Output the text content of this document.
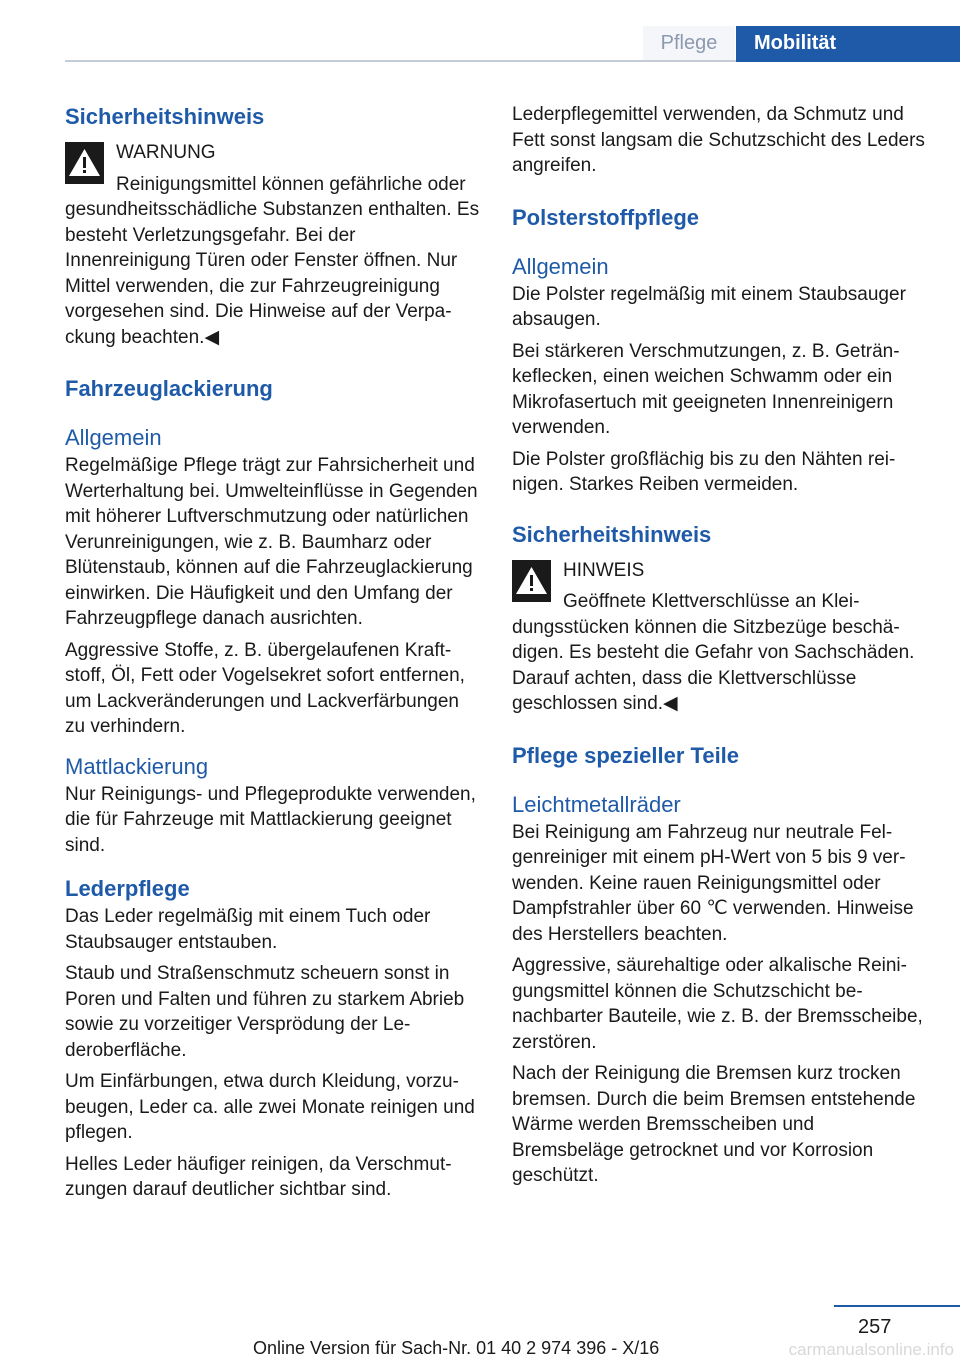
Pflege	Mobilität
Sicherheitshinweis
WARNUNG

Reinigungsmittel können gefährliche oder gesundheitsschädliche Substanzen enthalten. Es besteht Verletzungsgefahr. Bei der Innenreinigung Türen oder Fenster öffnen. Nur Mittel verwenden, die zur Fahrzeugreinigung vorgesehen sind. Die Hinweise auf der Verpackung beachten.◀

Fahrzeuglackierung
Allgemein

Regelmäßige Pflege trägt zur Fahrsicherheit und Werterhaltung bei. Umwelteinflüsse in Gegenden mit höherer Luftverschmutzung oder natürlichen Verunreinigungen, wie z. B. Baumharz oder Blütenstaub, können auf die Fahrzeuglackierung einwirken. Die Häufigkeit und den Umfang der Fahrzeugpflege danach ausrichten.

Aggressive Stoffe, z. B. übergelaufenen Kraftstoff, Öl, Fett oder Vogelsekret sofort entfernen, um Lackveränderungen und Lackverfärbungen zu verhindern.

Mattlackierung

Nur Reinigungs- und Pflegeprodukte verwenden, die für Fahrzeuge mit Mattlackierung geeignet sind.

Lederpflege

Das Leder regelmäßig mit einem Tuch oder Staubsauger entstauben.

Staub und Straßenschmutz scheuern sonst in Poren und Falten und führen zu starkem Abrieb sowie zu vorzeitiger Versprödung der Lederoberfläche.

Um Einfärbungen, etwa durch Kleidung, vorzubeugen, Leder ca. alle zwei Monate reinigen und pflegen.

Helles Leder häufiger reinigen, da Verschmutzungen darauf deutlicher sichtbar sind.

Lederpflegemittel verwenden, da Schmutz und Fett sonst langsam die Schutzschicht des Leders angreifen.

Polsterstoffpflege
Allgemein

Die Polster regelmäßig mit einem Staubsauger absaugen.

Bei stärkeren Verschmutzungen, z. B. Getränkeflecken, einen weichen Schwamm oder ein Mikrofasertuch mit geeigneten Innenreinigern verwenden.

Die Polster großflächig bis zu den Nähten reinigen. Starkes Reiben vermeiden.

Sicherheitshinweis
HINWEIS

Geöffnete Klettverschlüsse an Kleidungsstücken können die Sitzbezüge beschädigen. Es besteht die Gefahr von Sachschäden. Darauf achten, dass die Klettverschlüsse geschlossen sind.◀

Pflege spezieller Teile
Leichtmetallräder

Bei Reinigung am Fahrzeug nur neutrale Felgenreiniger mit einem pH-Wert von 5 bis 9 verwenden. Keine rauen Reinigungsmittel oder Dampfstrahler über 60 ℃ verwenden. Hinweise des Herstellers beachten.

Aggressive, säurehaltige oder alkalische Reinigungsmittel können die Schutzschicht benachbarter Bauteile, wie z. B. der Bremsscheibe, zerstören.

Nach der Reinigung die Bremsen kurz trocken bremsen. Durch die beim Bremsen entstehende Wärme werden Bremsscheiben und Bremsbeläge getrocknet und vor Korrosion geschützt.

257
Online Version für Sach-Nr. 01 40 2 974 396 - X/16	carmanualsonline.info
